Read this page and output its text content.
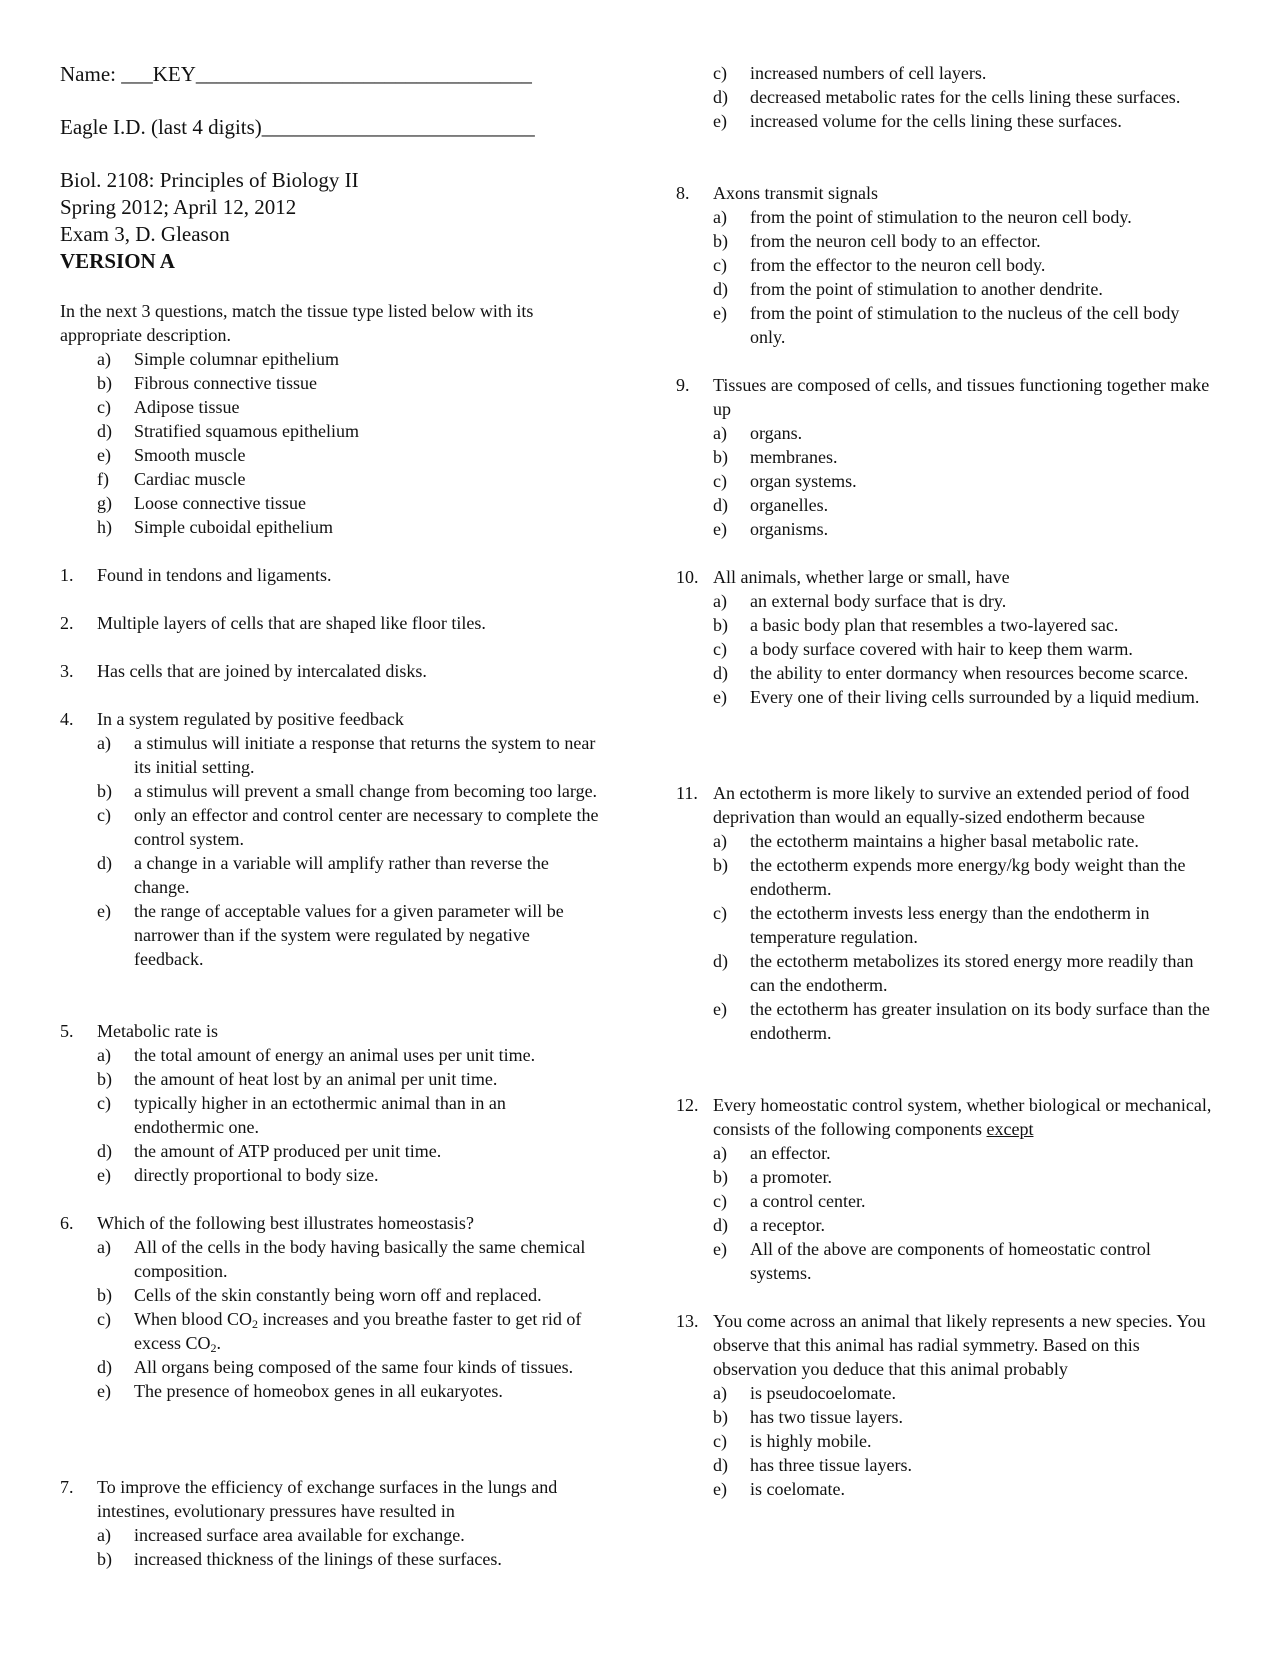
Name: ___KEY________________________________
Eagle I.D. (last 4 digits)__________________________
Biol. 2108: Principles of Biology II
Spring 2012; April 12, 2012
Exam 3, D. Gleason
VERSION A
In the next 3 questions, match the tissue type listed below with its appropriate description.
a)	Simple columnar epithelium
b)	Fibrous connective tissue
c)	Adipose tissue
d)	Stratified squamous epithelium
e)	Smooth muscle
f)	Cardiac muscle
g)	Loose connective tissue
h)	Simple cuboidal epithelium
1.	Found in tendons and ligaments.
2.	Multiple layers of cells that are shaped like floor tiles.
3.	Has cells that are joined by intercalated disks.
4.	In a system regulated by positive feedback
a)	a stimulus will initiate a response that returns the system to near its initial setting.
b)	a stimulus will prevent a small change from becoming too large.
c)	only an effector and control center are necessary to complete the control system.
d)	a change in a variable will amplify rather than reverse the change.
e)	the range of acceptable values for a given parameter will be narrower than if the system were regulated by negative feedback.
5.	Metabolic rate is
a)	the total amount of energy an animal uses per unit time.
b)	the amount of heat lost by an animal per unit time.
c)	typically higher in an ectothermic animal than in an endothermic one.
d)	the amount of ATP produced per unit time.
e)	directly proportional to body size.
6.	Which of the following best illustrates homeostasis?
a)	All of the cells in the body having basically the same chemical composition.
b)	Cells of the skin constantly being worn off and replaced.
c)	When blood $CO_2$ increases and you breathe faster to get rid of excess $CO_2$.
d)	All organs being composed of the same four kinds of tissues.
e)	The presence of homeobox genes in all eukaryotes.
7.	To improve the efficiency of exchange surfaces in the lungs and intestines, evolutionary pressures have resulted in
a)	increased surface area available for exchange.
b)	increased thickness of the linings of these surfaces.
c)	increased numbers of cell layers.
d)	decreased metabolic rates for the cells lining these surfaces.
e)	increased volume for the cells lining these surfaces.
8.	Axons transmit signals
a)	from the point of stimulation to the neuron cell body.
b)	from the neuron cell body to an effector.
c)	from the effector to the neuron cell body.
d)	from the point of stimulation to another dendrite.
e)	from the point of stimulation to the nucleus of the cell body only.
9.	Tissues are composed of cells, and tissues functioning together make up
a)	organs.
b)	membranes.
c)	organ systems.
d)	organelles.
e)	organisms.
10. All animals, whether large or small, have
a)	an external body surface that is dry.
b)	a basic body plan that resembles a two-layered sac.
c)	a body surface covered with hair to keep them warm.
d)	the ability to enter dormancy when resources become scarce.
e)	Every one of their living cells surrounded by a liquid medium.
11. An ectotherm is more likely to survive an extended period of food deprivation than would an equally-sized endotherm because
a)	the ectotherm maintains a higher basal metabolic rate.
b)	the ectotherm expends more energy/kg body weight than the endotherm.
c)	the ectotherm invests less energy than the endotherm in temperature regulation.
d)	the ectotherm metabolizes its stored energy more readily than can the endotherm.
e)	the ectotherm has greater insulation on its body surface than the endotherm.
12. Every homeostatic control system, whether biological or mechanical, consists of the following components except
a)	an effector.
b)	a promoter.
c)	a control center.
d)	a receptor.
e)	All of the above are components of homeostatic control systems.
13. You come across an animal that likely represents a new species. You observe that this animal has radial symmetry. Based on this observation you deduce that this animal probably
a)	is pseudocoelomate.
b)	has two tissue layers.
c)	is highly mobile.
d)	has three tissue layers.
e)	is coelomate.
